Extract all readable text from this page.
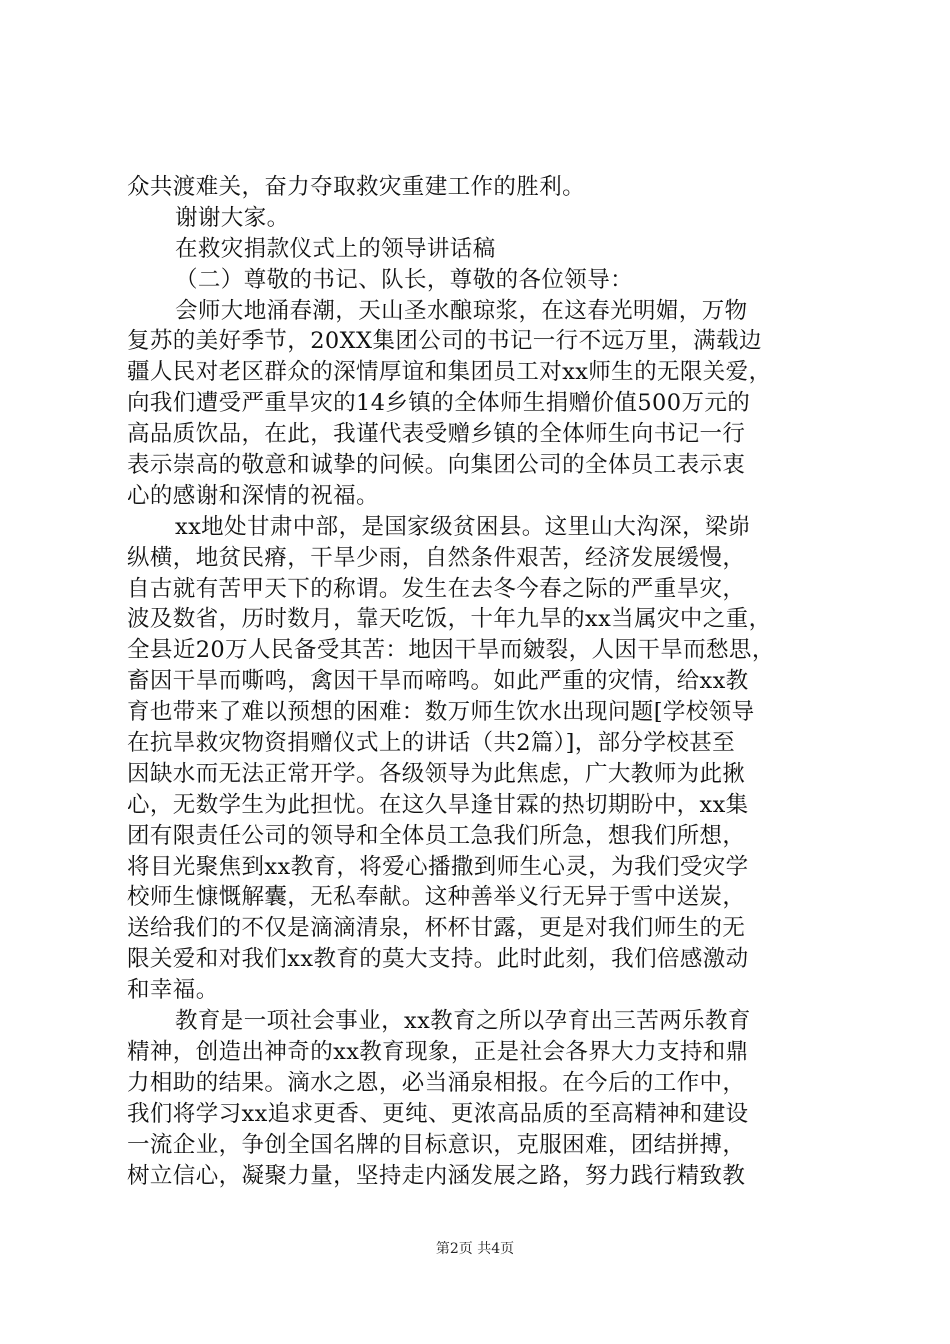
众共渡难关，奋力夺取救灾重建工作的胜利。
谢谢大家。
在救灾捐款仪式上的领导讲话稿
（二）尊敬的书记、队长，尊敬的各位领导：
会师大地涌春潮，天山圣水酿琼浆，在这春光明媚，万物
复苏的美好季节，20XX集团公司的书记一行不远万里，满载边
疆人民对老区群众的深情厚谊和集团员工对xx师生的无限关爱，
向我们遭受严重旱灾的14乡镇的全体师生捐赠价值500万元的
高品质饮品，在此，我谨代表受赠乡镇的全体师生向书记一行
表示崇高的敬意和诚挚的问候。向集团公司的全体员工表示衷
心的感谢和深情的祝福。
xx地处甘肃中部，是国家级贫困县。这里山大沟深，梁峁
纵横，地贫民瘠，干旱少雨，自然条件艰苦，经济发展缓慢，
自古就有苦甲天下的称谓。发生在去冬今春之际的严重旱灾，
波及数省，历时数月，靠天吃饭，十年九旱的xx当属灾中之重，
全县近20万人民备受其苦：地因干旱而皴裂，人因干旱而愁思，
畜因干旱而嘶鸣，禽因干旱而啼鸣。如此严重的灾情，给xx教
育也带来了难以预想的困难：数万师生饮水出现问题[学校领导
在抗旱救灾物资捐赠仪式上的讲话（共2篇）]，部分学校甚至
因缺水而无法正常开学。各级领导为此焦虑，广大教师为此揪
心，无数学生为此担忧。在这久旱逢甘霖的热切期盼中，xx集
团有限责任公司的领导和全体员工急我们所急，想我们所想，
将目光聚焦到xx教育，将爱心播撒到师生心灵，为我们受灾学
校师生慷慨解囊，无私奉献。这种善举义行无异于雪中送炭，
送给我们的不仅是滴滴清泉，杯杯甘露，更是对我们师生的无
限关爱和对我们xx教育的莫大支持。此时此刻，我们倍感激动
和幸福。
教育是一项社会事业，xx教育之所以孕育出三苦两乐教育
精神，创造出神奇的xx教育现象，正是社会各界大力支持和鼎
力相助的结果。滴水之恩，必当涌泉相报。在今后的工作中，
我们将学习xx追求更香、更纯、更浓高品质的至高精神和建设
一流企业，争创全国名牌的目标意识，克服困难，团结拼搏，
树立信心，凝聚力量，坚持走内涵发展之路，努力践行精致教
第2页 共4页
